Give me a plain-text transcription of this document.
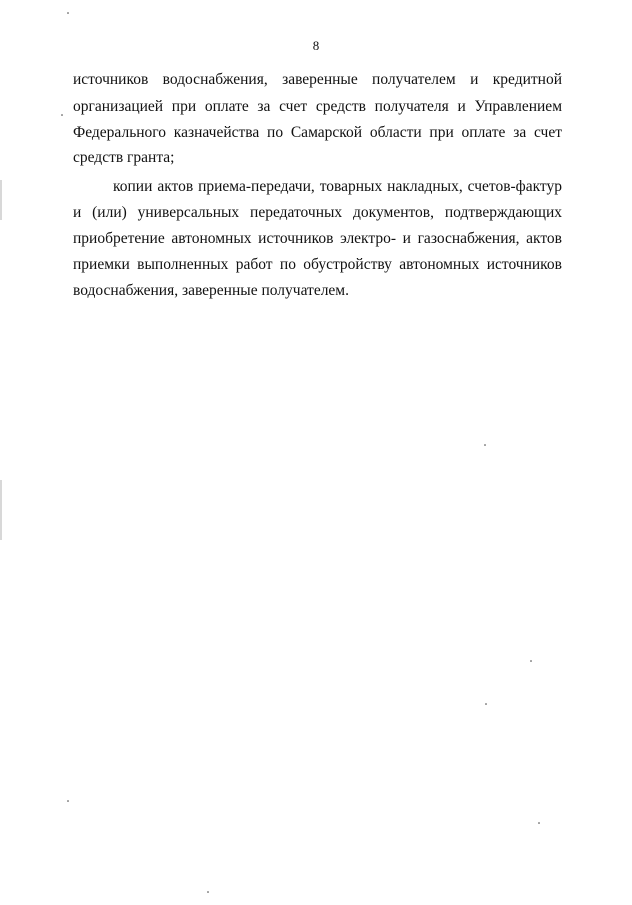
8
источников водоснабжения, заверенные получателем и кредитной
организацией при оплате за счет средств получателя и Управлением
Федерального казначейства по Самарской области при оплате за счет
средств гранта;
копии актов приема-передачи, товарных накладных, счетов-фактур
и (или) универсальных передаточных документов, подтверждающих
приобретение автономных источников электро- и газоснабжения, актов
приемки выполненных работ по обустройству автономных источников
водоснабжения, заверенные получателем.
